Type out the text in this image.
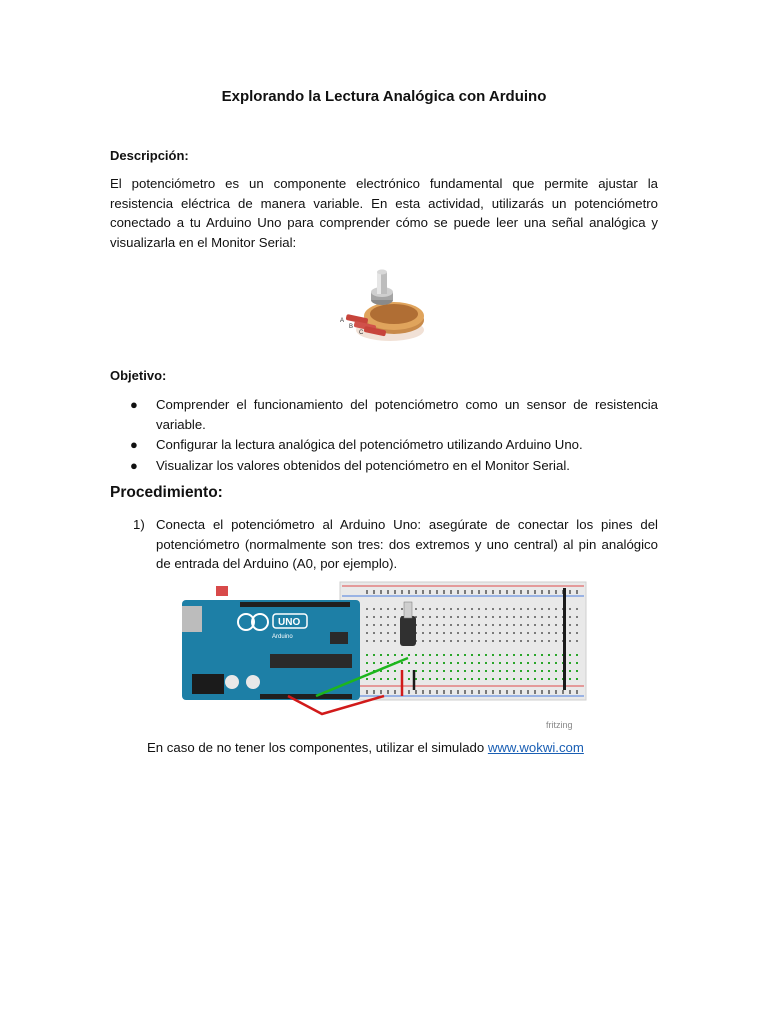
Explorando la Lectura Analógica con Arduino
Descripción:
El potenciómetro es un componente electrónico fundamental que permite ajustar la resistencia eléctrica de manera variable. En esta actividad, utilizarás un potenciómetro conectado a tu Arduino Uno para comprender cómo se puede leer una señal analógica y visualizarla en el Monitor Serial:
A
B
C
Objetivo:
● Comprender el funcionamiento del potenciómetro como un sensor de resistencia variable.
● Configurar la lectura analógica del potenciómetro utilizando Arduino Uno.
● Visualizar los valores obtenidos del potenciómetro en el Monitor Serial.
Procedimiento:
1) Conecta el potenciómetro al Arduino Uno: asegúrate de conectar los pines del potenciómetro (normalmente son tres: dos extremos y uno central) al pin analógico de entrada del Arduino (A0, por ejemplo).
UNO
Arduino
fritzing
En caso de no tener los componentes, utilizar el simulado www.wokwi.com
